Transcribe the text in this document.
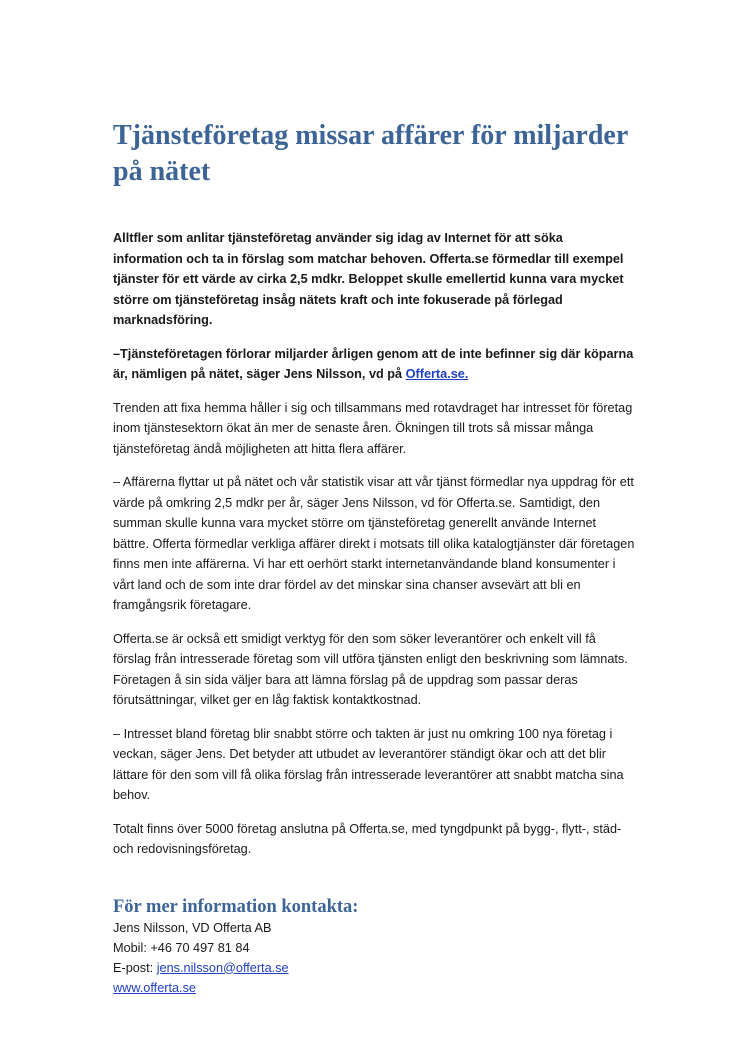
Tjänsteföretag missar affärer för miljarder på nätet

Alltfler som anlitar tjänsteföretag använder sig idag av Internet för att söka information och ta in förslag som matchar behoven. Offerta.se förmedlar till exempel tjänster för ett värde av cirka 2,5 mdkr. Beloppet skulle emellertid kunna vara mycket större om tjänsteföretag insåg nätets kraft och inte fokuserade på förlegad marknadsföring.

–Tjänsteföretagen förlorar miljarder årligen genom att de inte befinner sig där köparna är, nämligen på nätet, säger Jens Nilsson, vd på Offerta.se.

Trenden att fixa hemma håller i sig och tillsammans med rotavdraget har intresset för företag inom tjänstesektorn ökat än mer de senaste åren. Ökningen till trots så missar många tjänsteföretag ändå möjligheten att hitta flera affärer.

– Affärerna flyttar ut på nätet och vår statistik visar att vår tjänst förmedlar nya uppdrag för ett värde på omkring 2,5 mdkr per år, säger Jens Nilsson, vd för Offerta.se. Samtidigt, den summan skulle kunna vara mycket större om tjänsteföretag generellt använde Internet bättre. Offerta förmedlar verkliga affärer direkt i motsats till olika katalogtjänster där företagen finns men inte affärerna. Vi har ett oerhört starkt internetanvändande bland konsumenter i vårt land och de som inte drar fördel av det minskar sina chanser avsevärt att bli en framgångsrik företagare.

Offerta.se är också ett smidigt verktyg för den som söker leverantörer och enkelt vill få förslag från intresserade företag som vill utföra tjänsten enligt den beskrivning som lämnats. Företagen å sin sida väljer bara att lämna förslag på de uppdrag som passar deras förutsättningar, vilket ger en låg faktisk kontaktkostnad.

– Intresset bland företag blir snabbt större och takten är just nu omkring 100 nya företag i veckan, säger Jens. Det betyder att utbudet av leverantörer ständigt ökar och att det blir lättare för den som vill få olika förslag från intresserade leverantörer att snabbt matcha sina behov.

Totalt finns över 5000 företag anslutna på Offerta.se, med tyngdpunkt på bygg-, flytt-, städ- och redovisningsföretag.

För mer information kontakta:

Jens Nilsson, VD Offerta AB

Mobil: +46 70 497 81 84

E-post: jens.nilsson@offerta.se

www.offerta.se
